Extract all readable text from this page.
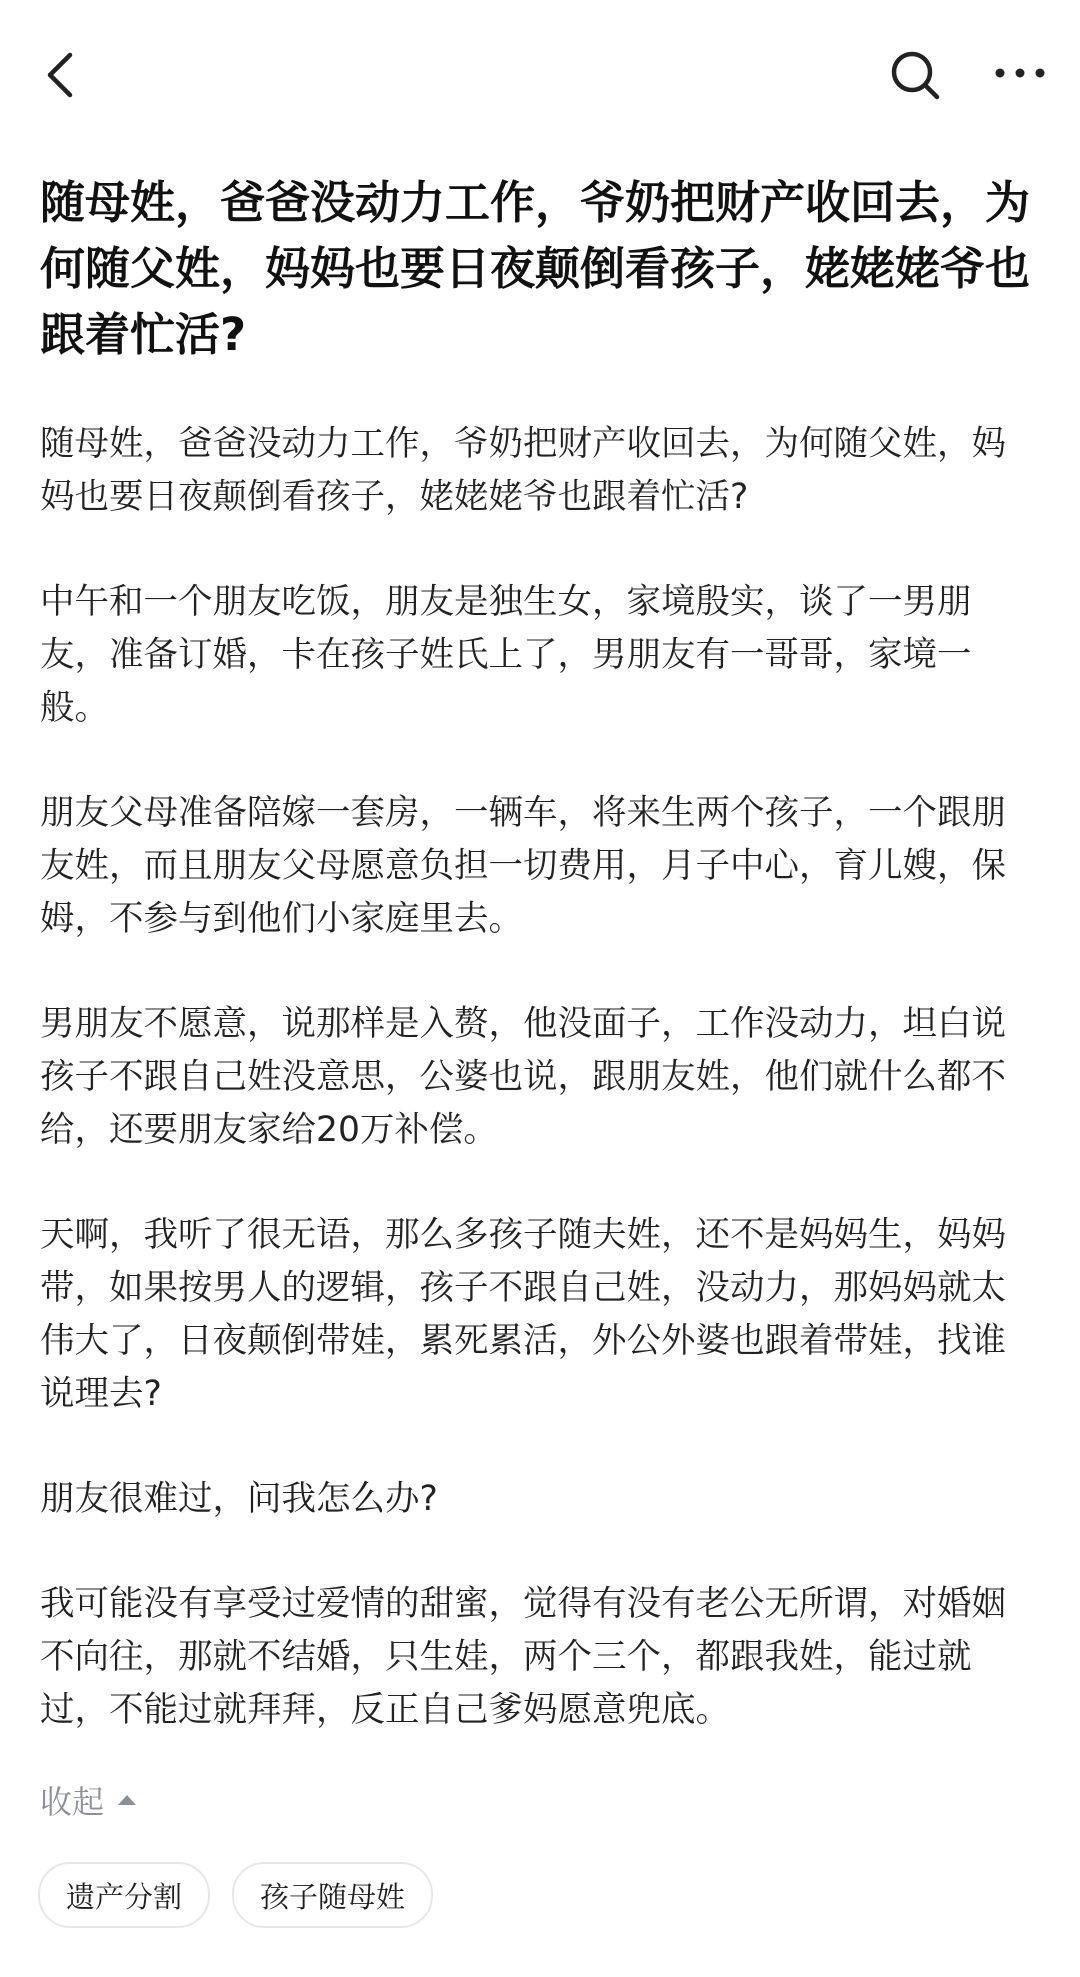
随母姓，爸爸没动力工作，爷奶把财产收回去，为何随父姓，妈妈也要日夜颠倒看孩子，姥姥姥爷也跟着忙活?

随母姓，爸爸没动力工作，爷奶把财产收回去，为何随父姓，妈妈也要日夜颠倒看孩子，姥姥姥爷也跟着忙活?

中午和一个朋友吃饭，朋友是独生女，家境殷实，谈了一男朋友，准备订婚，卡在孩子姓氏上了，男朋友有一哥哥，家境一般。

朋友父母准备陪嫁一套房，一辆车，将来生两个孩子，一个跟朋友姓，而且朋友父母愿意负担一切费用，月子中心，育儿嫂，保姆，不参与到他们小家庭里去。

男朋友不愿意，说那样是入赘，他没面子，工作没动力，坦白说孩子不跟自己姓没意思，公婆也说，跟朋友姓，他们就什么都不给，还要朋友家给20万补偿。

天啊，我听了很无语，那么多孩子随夫姓，还不是妈妈生，妈妈带，如果按男人的逻辑，孩子不跟自己姓，没动力，那妈妈就太伟大了，日夜颠倒带娃，累死累活，外公外婆也跟着带娃，找谁说理去?

朋友很难过，问我怎么办?

我可能没有享受过爱情的甜蜜，觉得有没有老公无所谓，对婚姻不向往，那就不结婚，只生娃，两个三个，都跟我姓，能过就过，不能过就拜拜，反正自己爹妈愿意兜底。

收起
遗产分割	孩子随母姓
